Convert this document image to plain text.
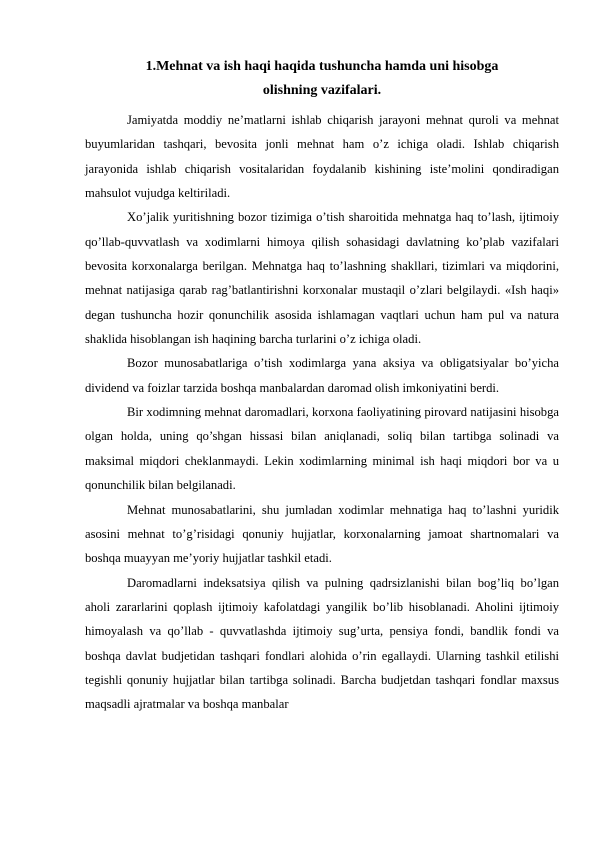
1.Mehnat va ish haqi haqida tushuncha hamda uni hisobga
olishning vazifalari.

Jamiyatda moddiy ne’matlarni ishlab chiqarish jarayoni mehnat quroli va mehnat buyumlaridan tashqari, bevosita jonli mehnat ham o’z ichiga oladi. Ishlab chiqarish jarayonida ishlab chiqarish vositalaridan foydalanib kishining iste’molini qondiradigan mahsulot vujudga keltiriladi.

Xo’jalik yuritishning bozor tizimiga o’tish sharoitida mehnatga haq to’lash, ijtimoiy qo’llab-quvvatlash va xodimlarni himoya qilish sohasidagi davlatning ko’plab vazifalari bevosita korxonalarga berilgan. Mehnatga haq to’lashning shakllari, tizimlari va miqdorini, mehnat natijasiga qarab rag’batlantirishni korxonalar mustaqil o’zlari belgilaydi. «Ish haqi» degan tushuncha hozir qonunchilik asosida ishlamagan vaqtlari uchun ham pul va natura shaklida hisoblangan ish haqining barcha turlarini o’z ichiga oladi.

Bozor munosabatlariga o’tish xodimlarga yana aksiya va obligatsiyalar bo’yicha dividend va foizlar tarzida boshqa manbalardan daromad olish imkoniyatini berdi.

Bir xodimning mehnat daromadlari, korxona faoliyatining pirovard natijasini hisobga olgan holda, uning qo’shgan hissasi bilan aniqlanadi, soliq bilan tartibga solinadi va maksimal miqdori cheklanmaydi. Lekin xodimlarning minimal ish haqi miqdori bor va u qonunchilik bilan belgilanadi.

Mehnat munosabatlarini, shu jumladan xodimlar mehnatiga haq to’lashni yuridik asosini mehnat to’g’risidagi qonuniy hujjatlar, korxonalarning jamoat shartnomalari va boshqa muayyan me’yoriy hujjatlar tashkil etadi.

Daromadlarni indeksatsiya qilish va pulning qadrsizlanishi bilan bog’liq bo’lgan aholi zararlarini qoplash ijtimoiy kafolatdagi yangilik bo’lib hisoblanadi. Aholini ijtimoiy himoyalash va qo’llab - quvvatlashda ijtimoiy sug’urta, pensiya fondi, bandlik fondi va boshqa davlat budjetidan tashqari fondlari alohida o’rin egallaydi. Ularning tashkil etilishi tegishli qonuniy hujjatlar bilan tartibga solinadi. Barcha budjetdan tashqari fondlar maxsus maqsadli ajratmalar va boshqa manbalar
